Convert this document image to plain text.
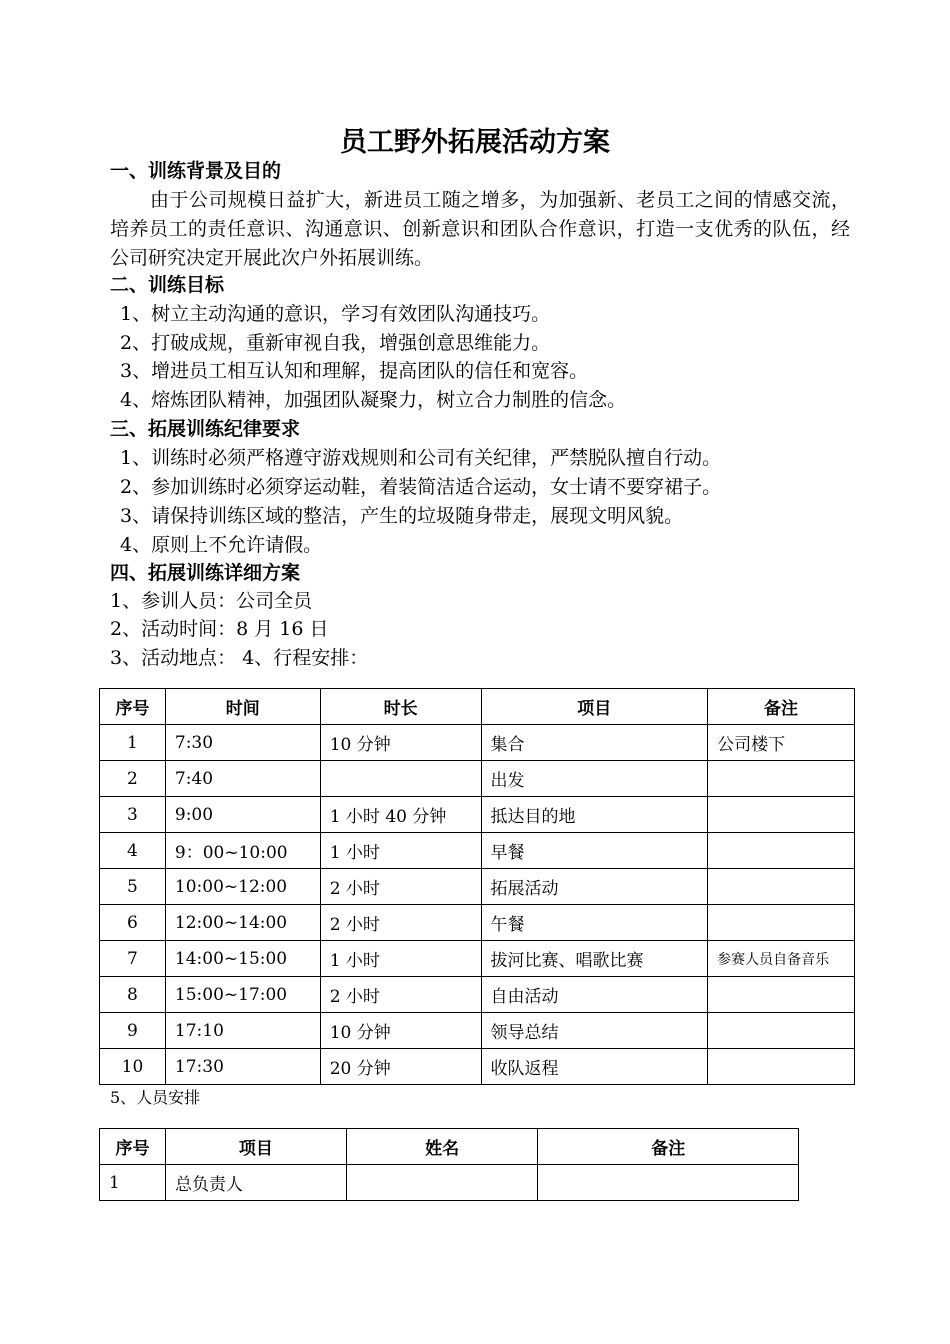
员工野外拓展活动方案
一、训练背景及目的
由于公司规模日益扩大，新进员工随之增多，为加强新、老员工之间的情感交流，培养员工的责任意识、沟通意识、创新意识和团队合作意识，打造一支优秀的队伍，经公司研究决定开展此次户外拓展训练。
二、训练目标
1、树立主动沟通的意识，学习有效团队沟通技巧。
2、打破成规，重新审视自我，增强创意思维能力。
3、增进员工相互认知和理解，提高团队的信任和宽容。
4、熔炼团队精神，加强团队凝聚力，树立合力制胜的信念。
三、拓展训练纪律要求
1、训练时必须严格遵守游戏规则和公司有关纪律，严禁脱队擅自行动。
2、参加训练时必须穿运动鞋，着装简洁适合运动，女士请不要穿裙子。
3、请保持训练区域的整洁，产生的垃圾随身带走，展现文明风貌。
4、原则上不允许请假。
四、拓展训练详细方案
1、参训人员：公司全员
2、活动时间：8 月 16 日
3、活动地点： 4、行程安排：
序号	时间	时长	项目	备注
1	7:30	10 分钟	集合	公司楼下
2	7:40		出发	
3	9:00	1 小时 40 分钟	抵达目的地	
4	9：00~10:00	1 小时	早餐	
5	10:00~12:00	2 小时	拓展活动	
6	12:00~14:00	2 小时	午餐	
7	14:00~15:00	1 小时	拔河比赛、唱歌比赛	参赛人员自备音乐
8	15:00~17:00	2 小时	自由活动	
9	17:10	10 分钟	领导总结	
10	17:30	20 分钟	收队返程	
5、人员安排
序号	项目	姓名	备注
1	总负责人		
